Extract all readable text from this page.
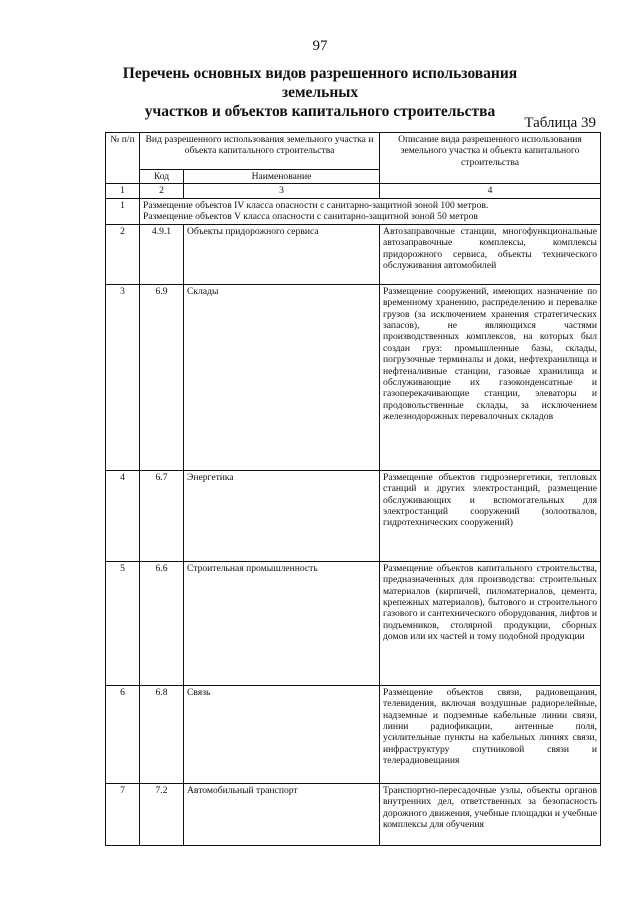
97
Перечень основных видов разрешенного использования земельных
участков и объектов капитального строительства
Таблица 39
№ п/п	Вид разрешенного использования земельного участка и объекта капитального строительства		Описание вида разрешенного использования земельного участка и объекта капитального строительства
	Код	Наименование	
1	2	3	4
1	Размещение объектов IV класса опасности с санитарно-защитной зоной 100 метров.
Размещение объектов V класса опасности с санитарно-защитной зоной 50 метров		

2	4.9.1	Объекты придорожного сервиса	Автозаправочные станции, многофункциональные автозаправочные комплексы, комплексы придорожного сервиса, объекты технического обслуживания автомобилей
3	6.9	Склады	Размещение сооружений, имеющих назначение по временному хранению, распределению и перевалке грузов (за исключением хранения стратегических запасов), не являющихся частями производственных комплексов, на которых был создан груз: промышленные базы, склады, погрузочные терминалы и доки, нефтехранилища и нефтеналивные станции, газовые хранилища и обслуживающие их газоконденсатные и газоперекачивающие станции, элеваторы и продовольственные склады, за исключением железнодорожных перевалочных складов
4	6.7	Энергетика	Размещение объектов гидроэнергетики, тепловых станций и других электростанций, размещение обслуживающих и вспомогательных для электростанций сооружений (золоотвалов, гидротехнических сооружений)
5	6.6	Строительная промышленность	Размещение объектов капитального строительства, предназначенных для производства: строительных материалов (кирпичей, пиломатериалов, цемента, крепежных материалов), бытового и строительного газового и сантехнического оборудования, лифтов и подъемников, столярной продукции, сборных домов или их частей и тому подобной продукции
6	6.8	Связь	Размещение объектов связи, радиовещания, телевидения, включая воздушные радиорелейные, надземные и подземные кабельные линии связи, линии радиофикации, антенные поля, усилительные пункты на кабельных линиях связи, инфраструктуру спутниковой связи и телерадиовещания
7	7.2	Автомобильный транспорт	Транспортно-пересадочные узлы, объекты органов внутренних дел, ответственных за безопасность дорожного движения, учебные площадки и учебные комплексы для обучения
